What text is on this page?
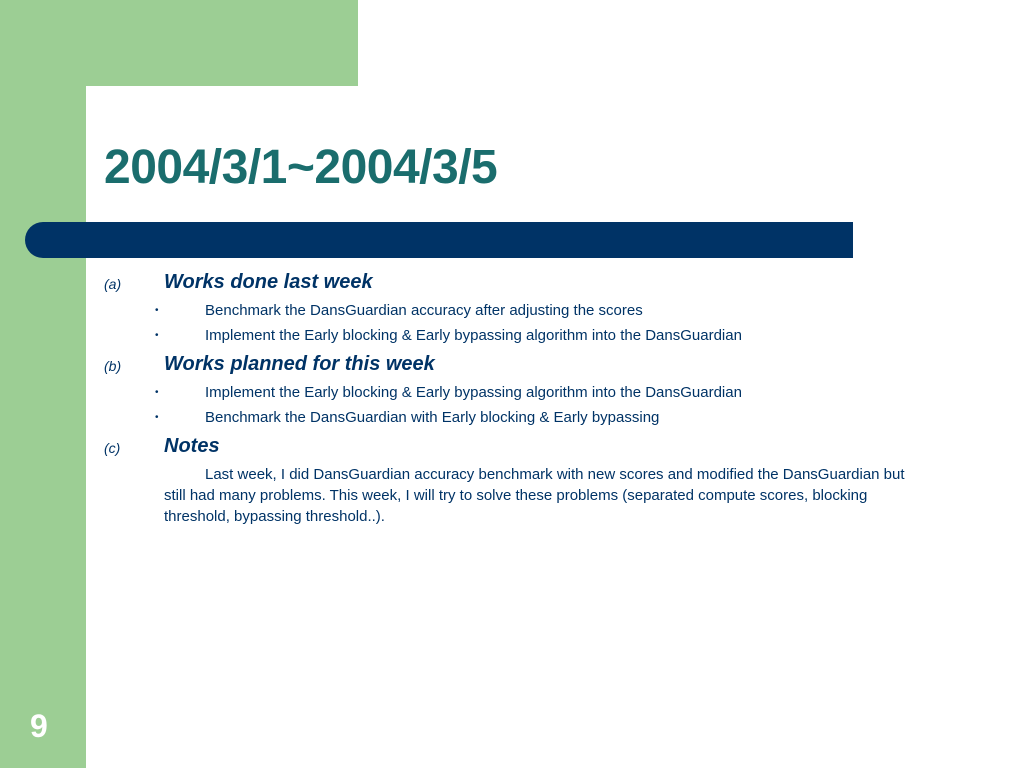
2004/3/1~2004/3/5
(a) Works done last week
•	Benchmark the DansGuardian accuracy after adjusting the scores
•	Implement the Early blocking & Early bypassing algorithm into the DansGuardian
(b) Works planned for this week
•	Implement the Early blocking & Early bypassing algorithm into the DansGuardian
•	Benchmark the DansGuardian with Early blocking & Early bypassing
(c) Notes

Last week, I did DansGuardian accuracy benchmark with new scores and modified the DansGuardian but still had many problems. This week, I will try to solve these problems (separated compute scores, blocking threshold, bypassing threshold..).

9
